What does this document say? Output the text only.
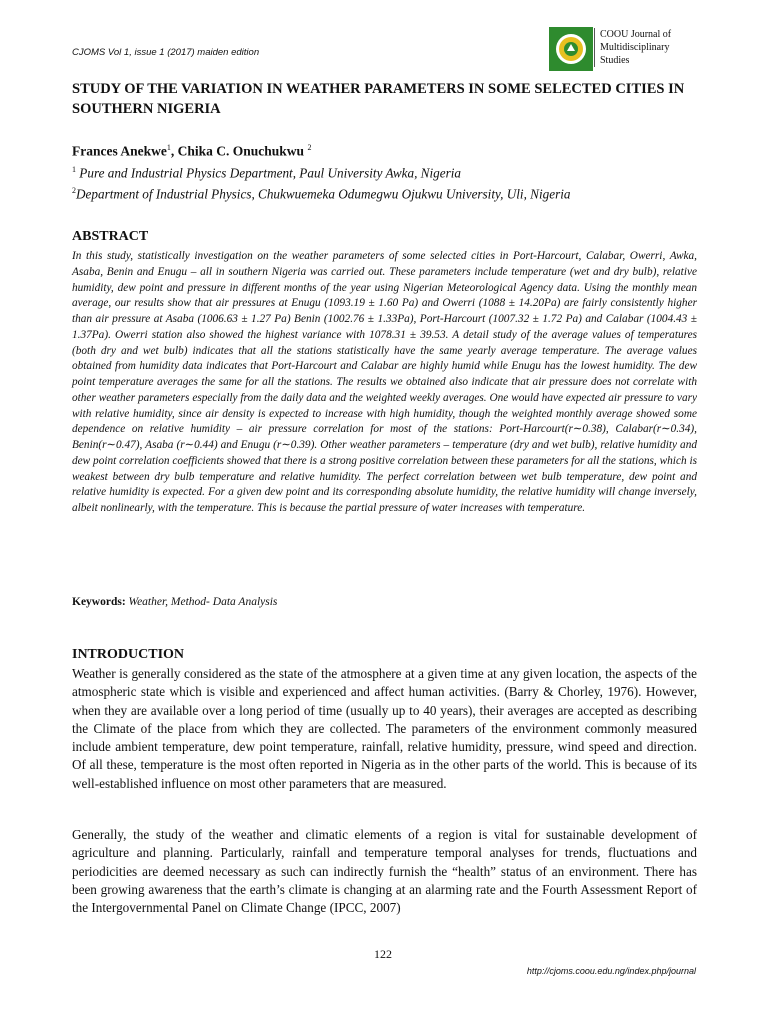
CJOMS Vol 1, issue 1 (2017) maiden edition
COOU Journal of
Multidisciplinary
Studies
STUDY OF THE VARIATION IN WEATHER PARAMETERS IN SOME SELECTED CITIES IN SOUTHERN NIGERIA
Frances Anekwe$^1$, Chika C. Onuchukwu $^2$
$^1$ Pure and Industrial Physics Department, Paul University Awka, Nigeria
$^2$Department of Industrial Physics, Chukwuemeka Odumegwu Ojukwu University, Uli, Nigeria
ABSTRACT

In this study, statistically investigation on the weather parameters of some selected cities in Port-Harcourt, Calabar, Owerri, Awka, Asaba, Benin and Enugu – all in southern Nigeria was carried out. These parameters include temperature (wet and dry bulb), relative humidity, dew point and pressure in different months of the year using Nigerian Meteorological Agency data. Using the monthly mean average, our results show that air pressures at Enugu (1093.19 ± 1.60 Pa) and Owerri (1088 ± 14.20Pa) are fairly consistently higher than air pressure at Asaba (1006.63 ± 1.27 Pa) Benin (1002.76 ± 1.33Pa), Port-Harcourt (1007.32 ± 1.72 Pa) and Calabar (1004.43 ± 1.37Pa). Owerri station also showed the highest variance with 1078.31 ± 39.53. A detail study of the average values of temperatures (both dry and wet bulb) indicates that all the stations statistically have the same yearly average temperature. The average values obtained from humidity data indicates that Port-Harcourt and Calabar are highly humid while Enugu has the lowest humidity. The dew point temperature averages the same for all the stations. The results we obtained also indicate that air pressure does not correlate with other weather parameters especially from the daily data and the weighted weekly averages. One would have expected air pressure to vary with relative humidity, since air density is expected to increase with high humidity, though the weighted monthly average showed some dependence on relative humidity – air pressure correlation for most of the stations: Port-Harcourt(r∼0.38), Calabar(r∼0.34), Benin(r∼0.47), Asaba (r∼0.44) and Enugu (r∼0.39). Other weather parameters – temperature (dry and wet bulb), relative humidity and dew point correlation coefficients showed that there is a strong positive correlation between these parameters for all the stations, which is weakest between dry bulb temperature and relative humidity. The perfect correlation between wet bulb temperature, dew point and relative humidity is expected. For a given dew point and its corresponding absolute humidity, the relative humidity will change inversely, albeit nonlinearly, with the temperature. This is because the partial pressure of water increases with temperature.

Keywords: Weather, Method- Data Analysis
INTRODUCTION

Weather is generally considered as the state of the atmosphere at a given time at any given location, the aspects of the atmospheric state which is visible and experienced and affect human activities. (Barry & Chorley, 1976). However, when they are available over a long period of time (usually up to 40 years), their averages are accepted as describing the Climate of the place from which they are collected. The parameters of the environment commonly measured include ambient temperature, dew point temperature, rainfall, relative humidity, pressure, wind speed and direction. Of all these, temperature is the most often reported in Nigeria as in the other parts of the world. This is because of its well-established influence on most other parameters that are measured.

Generally, the study of the weather and climatic elements of a region is vital for sustainable development of agriculture and planning. Particularly, rainfall and temperature temporal analyses for trends, fluctuations and periodicities are deemed necessary as such can indirectly furnish the “health” status of an environment. There has been growing awareness that the earth’s climate is changing at an alarming rate and the Fourth Assessment Report of the Intergovernmental Panel on Climate Change (IPCC, 2007)

122
http://cjoms.coou.edu.ng/index.php/journal
